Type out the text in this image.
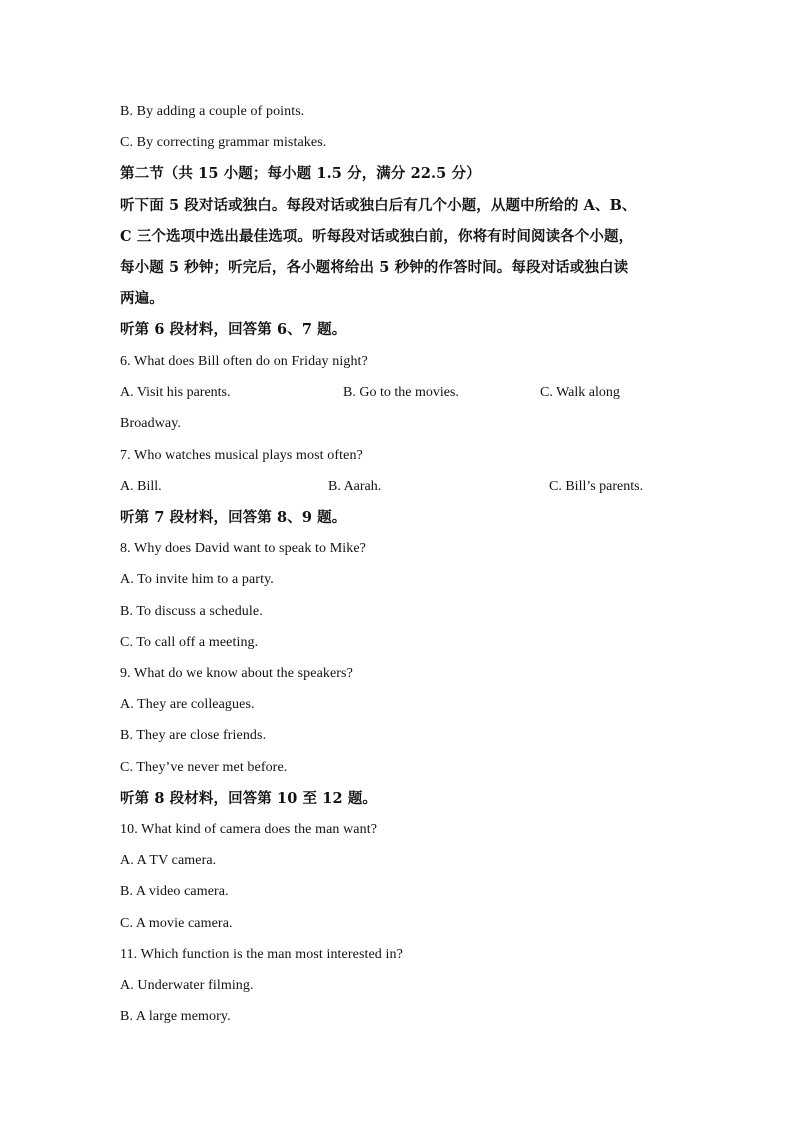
B. By adding a couple of points.
C. By correcting grammar mistakes.
第二节（共 15 小题；每小题 1.5 分，满分 22.5 分）
听下面 5 段对话或独白。每段对话或独白后有几个小题，从题中所给的 A、B、
C 三个选项中选出最佳选项。听每段对话或独白前，你将有时间阅读各个小题，
每小题 5 秒钟；听完后，各小题将给出 5 秒钟的作答时间。每段对话或独白读
两遍。
听第 6 段材料，回答第 6、7 题。
6. What does Bill often do on Friday night?
A. Visit his parents.	B. Go to the movies.	C. Walk along
Broadway.
7. Who watches musical plays most often?
A. Bill.	B. Aarah.	C. Bill’s parents.
听第 7 段材料，回答第 8、9 题。
8. Why does David want to speak to Mike?
A. To invite him to a party.
B. To discuss a schedule.
C. To call off a meeting.
9. What do we know about the speakers?
A. They are colleagues.
B. They are close friends.
C. They’ve never met before.
听第 8 段材料，回答第 10 至 12 题。
10. What kind of camera does the man want?
A. A TV camera.
B. A video camera.
C. A movie camera.
11. Which function is the man most interested in?
A. Underwater filming.
B. A large memory.
